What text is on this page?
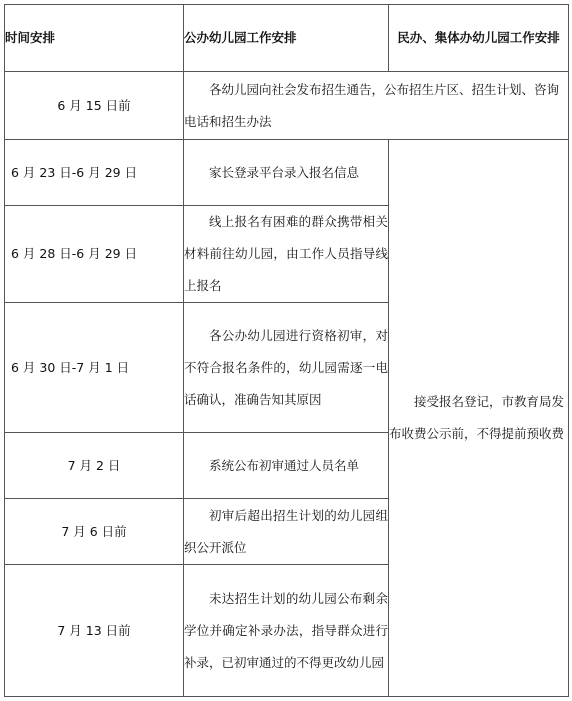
时间安排	公办幼儿园工作安排	民办、集体办幼儿园工作安排
6 月 15 日前	各幼儿园向社会发布招生通告，公布招生片区、招生计划、咨询电话和招生办法	
6 月 23 日-6 月 29 日	家长登录平台录入报名信息	接受报名登记，市教育局发布收费公示前，不得提前预收费
6 月 28 日-6 月 29 日	线上报名有困难的群众携带相关材料前往幼儿园，由工作人员指导线上报名	
6 月 30 日-7 月 1 日	各公办幼儿园进行资格初审，对不符合报名条件的，幼儿园需逐一电话确认，准确告知其原因	
7 月 2 日	系统公布初审通过人员名单	
7 月 6 日前	初审后超出招生计划的幼儿园组织公开派位	
7 月 13 日前	未达招生计划的幼儿园公布剩余学位并确定补录办法，指导群众进行补录，已初审通过的不得更改幼儿园	
